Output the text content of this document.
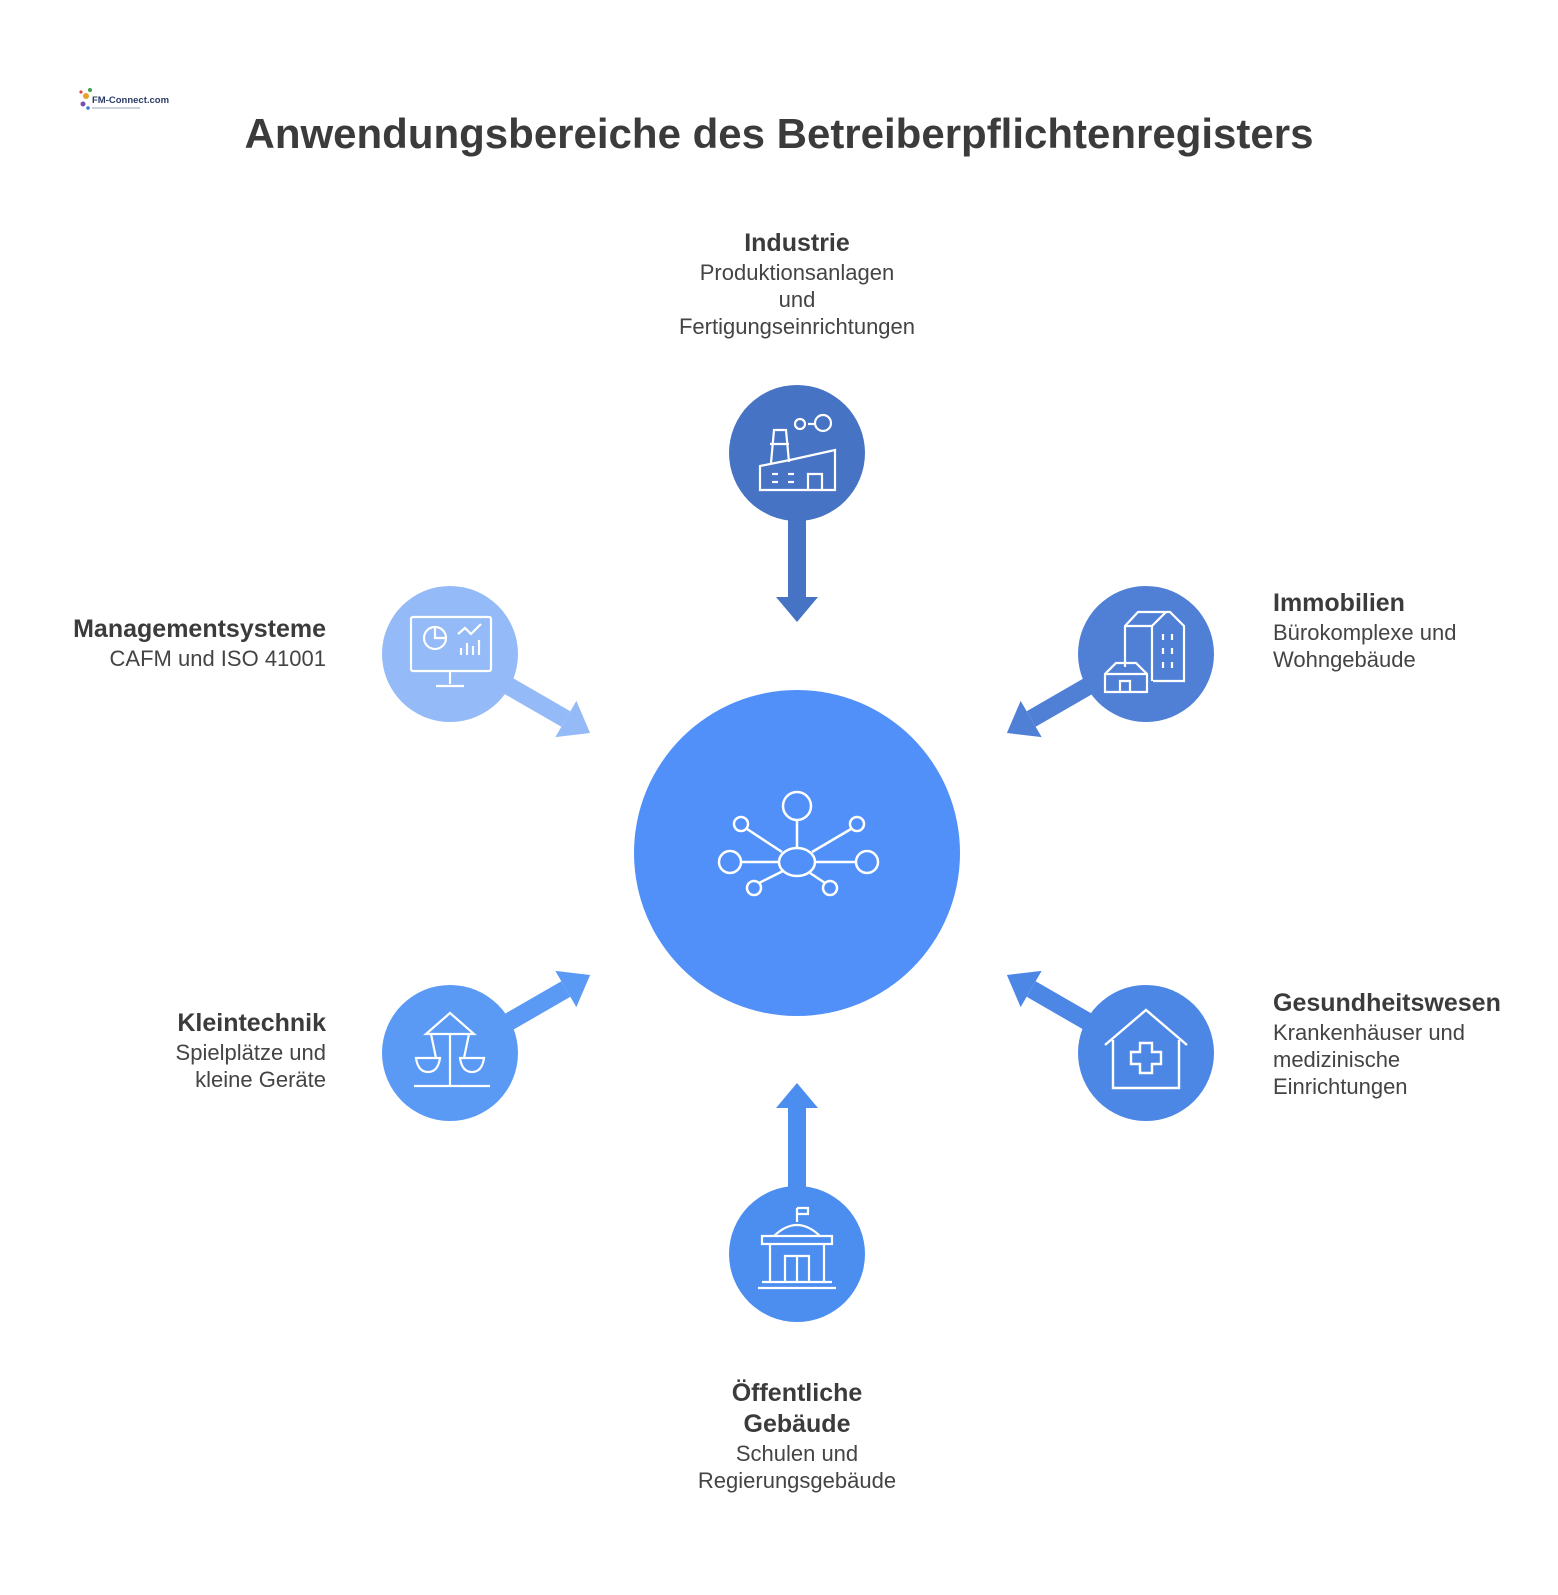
FM-Connect.com
Anwendungsbereiche des Betreiberpflichtenregisters
Industrie
Produktionsanlagen
und
Fertigungseinrichtungen
Immobilien
Bürokomplexe und
Wohngebäude
Gesundheitswesen
Krankenhäuser und
medizinische
Einrichtungen
Öffentliche
Gebäude
Schulen und
Regierungsgebäude
Kleintechnik
Spielplätze und
kleine Geräte
Managementsysteme
CAFM und ISO 41001
